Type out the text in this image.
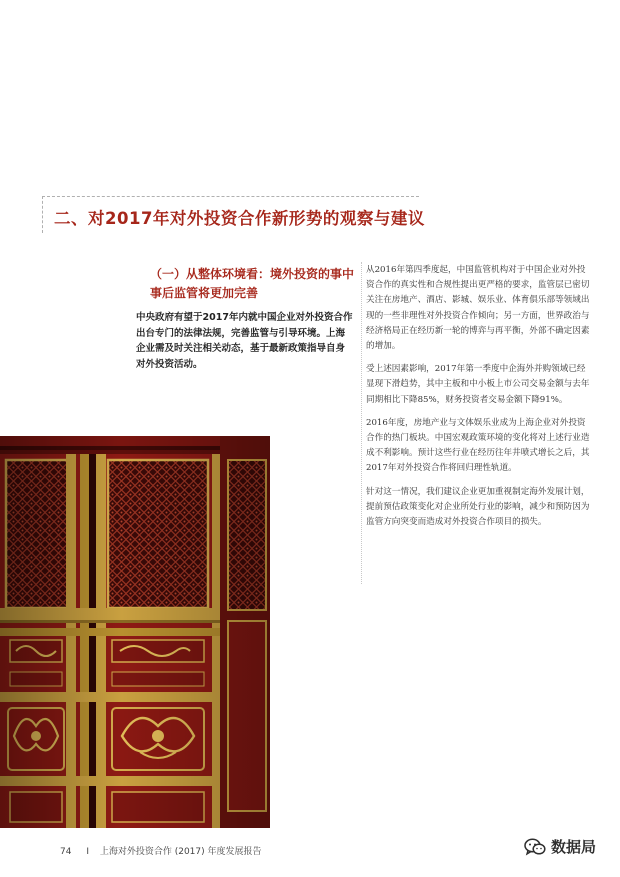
二、对2017年对外投资合作新形势的观察与建议
（一）从整体环境看：境外投资的事中事后监管将更加完善

中央政府有望于2017年内就中国企业对外投资合作出台专门的法律法规，完善监管与引导环境。上海企业需及时关注相关动态，基于最新政策指导自身对外投资活动。

从2016年第四季度起，中国监管机构对于中国企业对外投资合作的真实性和合规性提出更严格的要求，监管层已密切关注在房地产、酒店、影城、娱乐业、体育俱乐部等领域出现的一些非理性对外投资合作倾向；另一方面，世界政治与经济格局正在经历新一轮的博弈与再平衡，外部不确定因素的增加。

受上述因素影响，2017年第一季度中企海外并购领域已经显现下滑趋势，其中主板和中小板上市公司交易金额与去年同期相比下降85%，财务投资者交易金额下降91%。

2016年度，房地产业与文体娱乐业成为上海企业对外投资合作的热门板块。中国宏观政策环境的变化将对上述行业造成不利影响。预计这些行业在经历往年井喷式增长之后，其2017年对外投资合作将回归理性轨道。

针对这一情况，我们建议企业更加重视制定海外发展计划，提前预估政策变化对企业所处行业的影响，减少和预防因为监管方向突变而造成对外投资合作项目的损失。

74 I 上海对外投资合作 (2017) 年度发展报告	数据局
